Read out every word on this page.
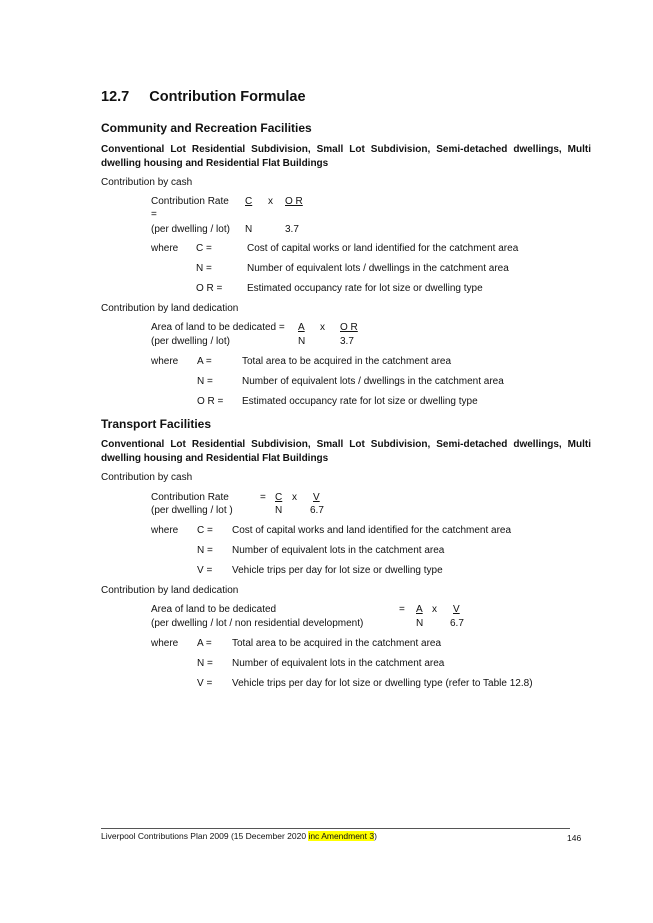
12.7 Contribution Formulae
Community and Recreation Facilities
Conventional Lot Residential Subdivision, Small Lot Subdivision, Semi-detached dwellings, Multi dwelling housing and Residential Flat Buildings
Contribution by cash
Contribution Rate
=
(per dwelling / lot)
C x O R
N	3.7
where C =	Cost of capital works or land identified for the catchment area
N =	Number of equivalent lots / dwellings in the catchment area
O R = Estimated occupancy rate for lot size or dwelling type
Contribution by land dedication
Area of land to be dedicated =
(per dwelling / lot)
A x O R
N	3.7
where A =	Total area to be acquired in the catchment area
N =	Number of equivalent lots / dwellings in the catchment area
O R = Estimated occupancy rate for lot size or dwelling type
Transport Facilities
Conventional Lot Residential Subdivision, Small Lot Subdivision, Semi-detached dwellings, Multi dwelling housing and Residential Flat Buildings
Contribution by cash
Contribution Rate	=
(per dwelling / lot )
C x V
N	6.7
where C = Cost of capital works and land identified for the catchment area
N = Number of equivalent lots in the catchment area
V = Vehicle trips per day for lot size or dwelling type
Contribution by land dedication
Area of land to be dedicated	=
(per dwelling / lot / non residential development)
A x V
N	6.7
where A = Total area to be acquired in the catchment area
N = Number of equivalent lots in the catchment area
V = Vehicle trips per day for lot size or dwelling type (refer to Table 12.8)
Liverpool Contributions Plan 2009 (15 December 2020 inc Amendment 3)	146
